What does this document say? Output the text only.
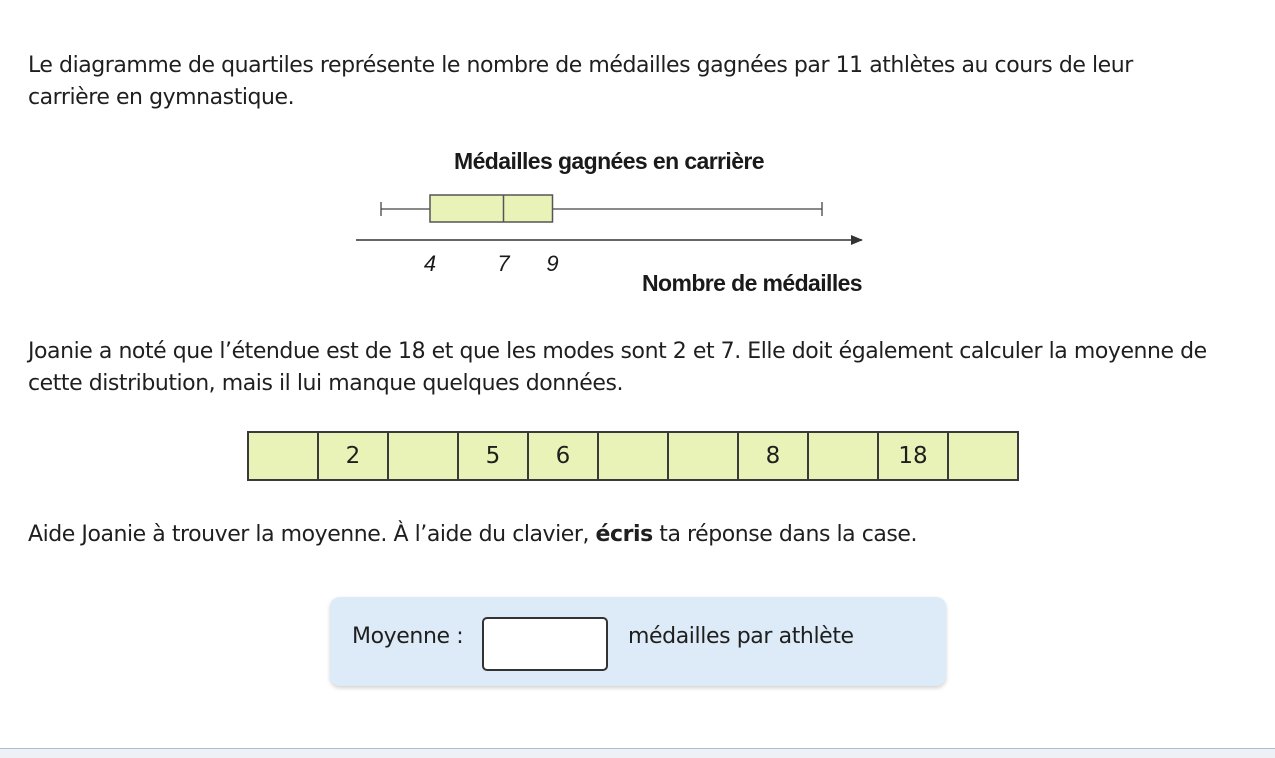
Le diagramme de quartiles représente le nombre de médailles gagnées par 11 athlètes au cours de leur carrière en gymnastique.

Médailles gagnées en carrière
4	7 9
Nombre de médailles

Joanie a noté que l’étendue est de 18 et que les modes sont 2 et 7. Elle doit également calculer la moyenne de cette distribution, mais il lui manque quelques données.

	2		5	6			8		18	

Aide Joanie à trouver la moyenne. À l’aide du clavier, écris ta réponse dans la case.

Moyenne :	médailles par athlète
